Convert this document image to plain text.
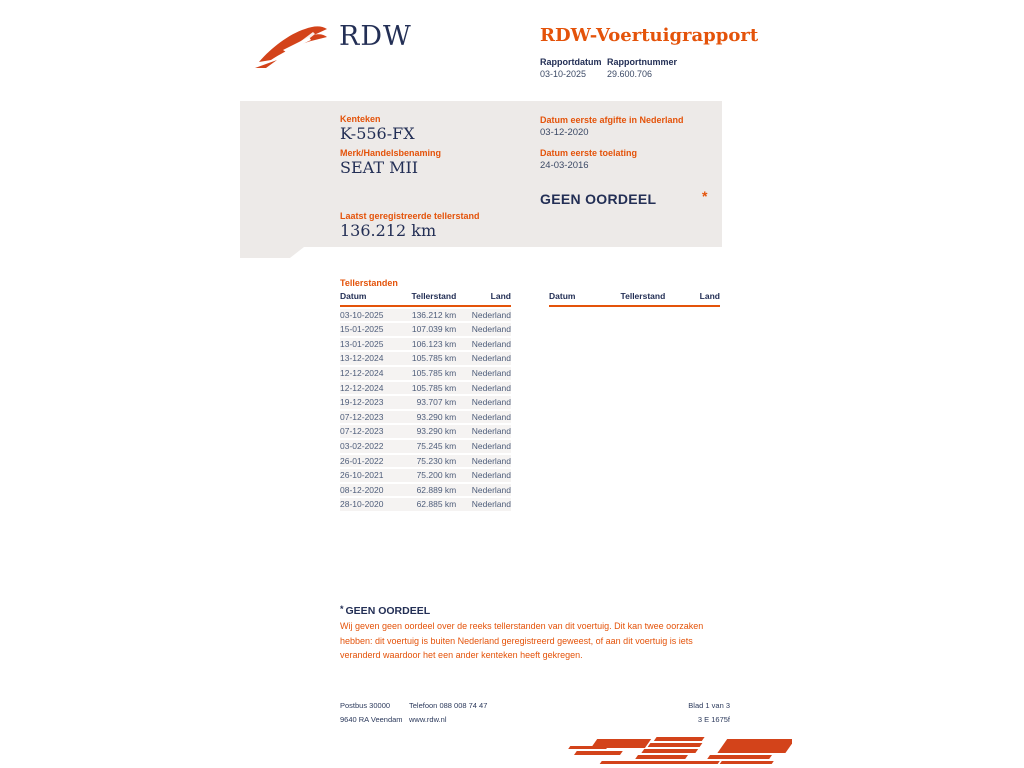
RDW	RDW-Voertuigrapport
Rapportdatum Rapportnummer
03-10-2025 29.600.706
Kenteken
K-556-FX
Merk/Handelsbenaming
SEAT MII
Laatst geregistreerde tellerstand
136.212 km
Datum eerste afgifte in Nederland
03-12-2020
Datum eerste toelating
24-03-2016
GEEN OORDEEL	*
Tellerstanden
Datum	Tellerstand	Land
03-10-2025	136.212 km	Nederland
15-01-2025	107.039 km	Nederland
13-01-2025	106.123 km	Nederland
13-12-2024	105.785 km	Nederland
12-12-2024	105.785 km	Nederland
12-12-2024	105.785 km	Nederland
19-12-2023	93.707 km	Nederland
07-12-2023	93.290 km	Nederland
07-12-2023	93.290 km	Nederland
03-02-2022	75.245 km	Nederland
26-01-2022	75.230 km	Nederland
26-10-2021	75.200 km	Nederland
08-12-2020	62.889 km	Nederland
28-10-2020	62.885 km	Nederland
Datum	Tellerstand	Land
* GEEN OORDEEL
Wij geven geen oordeel over de reeks tellerstanden van dit voertuig. Dit kan twee oorzaken hebben: dit voertuig is buiten Nederland geregistreerd geweest, of aan dit voertuig is iets veranderd waardoor het een ander kenteken heeft gekregen.
Postbus 30000
9640 RA Veendam
Telefoon 088 008 74 47
www.rdw.nl
Blad 1 van 3
3 E 1675f
